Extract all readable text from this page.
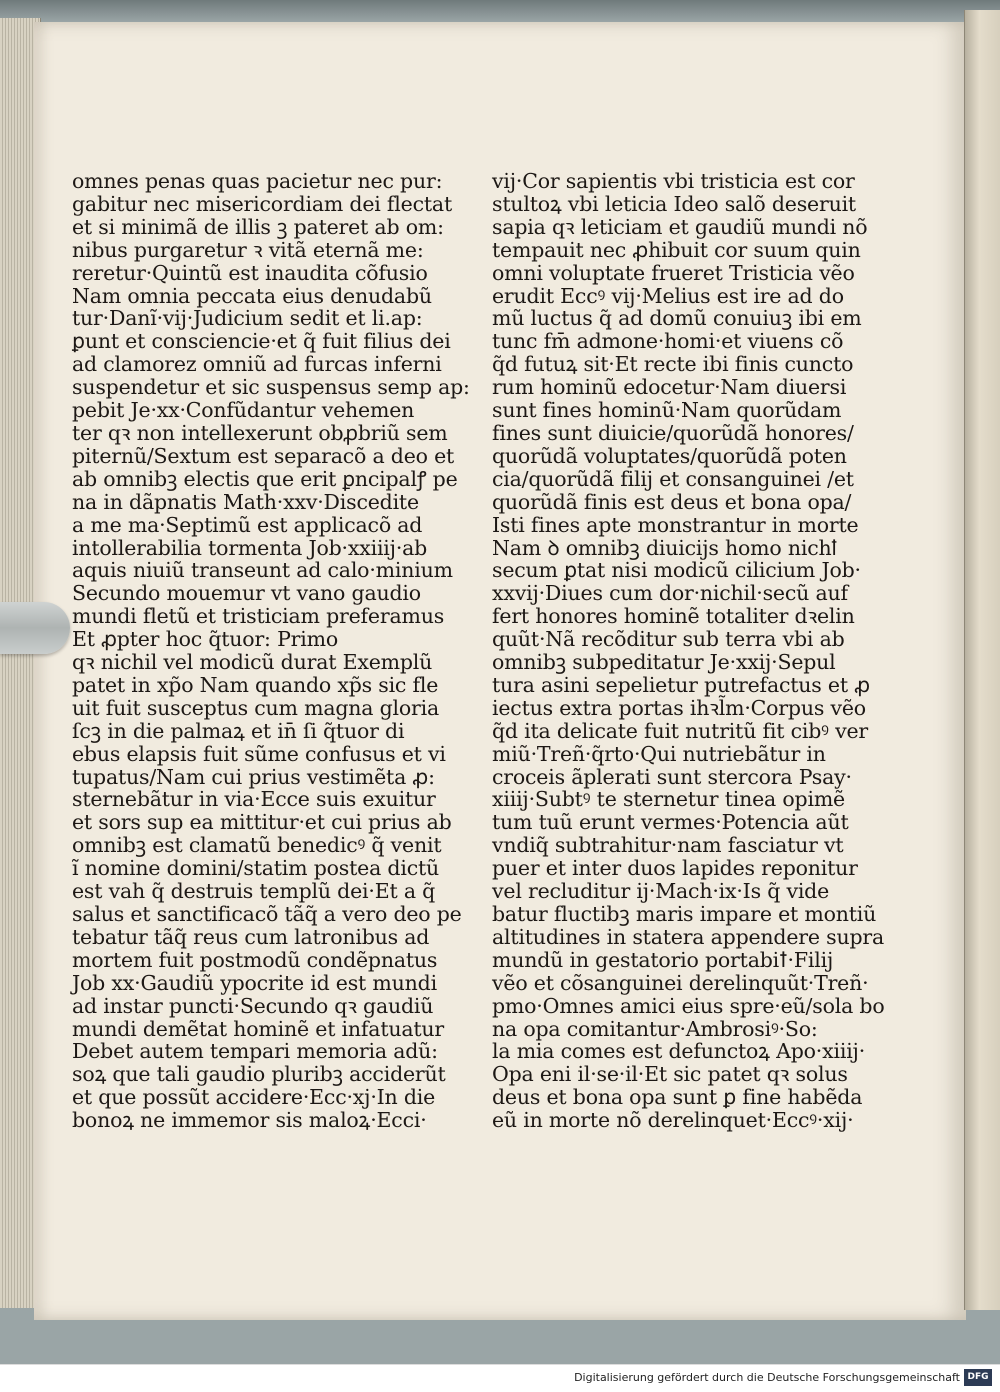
omnes penas quas pacietur nec pur:
gabitur nec misericordiam dei flectat
et si minimã de illis ꝫ pateret ab om:
nibus purgaretur ꝛ vitã eternã me:
reretur·Quintũ est inaudita cõfusio
Nam omnia peccata eius denudabũ
tur·Danĩ·vij·Judicium sedit et li.ap:
ꝑunt et consciencie·et q̃ fuit filius dei
ad clamorez omniũ ad furcas inferni
suspendetur et sic suspensus semp ap:
pebit Je·xx·Confũdantur vehemen
ter qꝛ non intellexerunt obꝓbriũ sem
piternũ/Sextum est separacõ a deo et
ab omnibꝫ electis que erit ꝑncipalꝭ pe
na in dãpnatis Math·xxv·Discedite
a me ma·Septimũ est applicacõ ad
intollerabilia tormenta Job·xxiiij·ab
aquis niuiũ transeunt ad calo·minium
Secundo mouemur vt vano gaudio
mundi fletũ et tristiciam preferamus
Et ꝓpter hoc q̃tuor: Primo
qꝛ nichil vel modicũ durat Exemplũ
patet in xp̃o Nam quando xp̃s sic fle
uit fuit susceptus cum magna gloria
ſcꝫ in die palmaꝝ et in̄ ſi q̃tuor di
ebus elapsis fuit sũme confusus et vi
tupatus/Nam cui prius vestimẽta ꝓ:
sternebãtur in via·Ecce suis exuitur
et sors sup ea mittitur·et cui prius ab
omnibꝫ est clamatũ benedicꝰ q̃ venit
ĩ nomine domini/statim postea dictũ
est vah q̃ destruis templũ dei·Et a q̃
salus et sanctificacõ tãq̃ a vero deo pe
tebatur tãq̃ reus cum latronibus ad
mortem fuit postmodũ condẽpnatus
Job xx·Gaudiũ ypocrite id est mundi
ad instar puncti·Secundo qꝛ gaudiũ
mundi demẽtat hominẽ et infatuatur
Debet autem tempari memoria adũ:
soꝝ que tali gaudio pluribꝫ acciderũt
et que possũt accidere·Ecc·xj·In die
bonoꝝ ne immemor sis maloꝝ·Ecci·
vij·Cor sapientis vbi tristicia est cor
stultoꝝ vbi leticia Ideo salõ deseruit
sapia qꝛ leticiam et gaudiũ mundi nõ
tempauit nec ꝓhibuit cor suum quin
omni voluptate frueret Tristicia vẽo
erudit Eccꝰ vij·Melius est ire ad do
mũ luctus q̃ ad domũ conuiuꝫ ibi em
tunc fm̄ admone·homi·et viuens cõ
q̃d futuꝝ sit·Et recte ibi finis cuncto
rum hominũ edocetur·Nam diuersi
sunt fines hominũ·Nam quorũdam
fines sunt diuicie/quorũdã honores/
quorũdã voluptates/quorũdã poten
cia/quorũdã filij et consanguinei /et
quorũdã finis est deus et bona opa/
Isti fines apte monstrantur in morte
Nam ꝺ omnibꝫ diuicijs homo nichꝉ
secum ꝑtat nisi modicũ cilicium Job·
xxvij·Diues cum dor·nichil·secũ auf
fert honores hominẽ totaliter dꝛelin
quũt·Nã recõditur sub terra vbi ab
omnibꝫ subpeditatur Je·xxij·Sepul
tura asini sepelietur putrefactus et ꝓ
iectus extra portas ihꝛl̃m·Corpus vẽo
q̃d ita delicate fuit nutritũ fit cibꝰ ver
miũ·Treñ·q̃rto·Qui nutriebãtur in
croceis ãplerati sunt stercora Psay·
xiiij·Subtꝰ te sternetur tinea opimẽ
tum tuũ erunt vermes·Potencia aũt
vndiq̃ subtrahitur·nam fasciatur vt
puer et inter duos lapides reponitur
vel recluditur ij·Mach·ix·Is q̃ vide
batur fluctibꝫ maris impare et montiũ
altitudines in statera appendere supra
mundũ in gestatorio portabiꝉ·Filij
vẽo et cõsanguinei derelinquũt·Treñ·
pmo·Omnes amici eius spre·eũ/sola bo
na opa comitantur·Ambrosiꝰ·So:
la mia comes est defunctoꝝ Apo·xiiij·
Opa eni il·se·il·Et sic patet qꝛ solus
deus et bona opa sunt ꝑ fine habẽda
eũ in morte nõ derelinquet·Eccꝰ·xij·
Digitalisierung gefördert durch die Deutsche Forschungsgemeinschaft DFG
